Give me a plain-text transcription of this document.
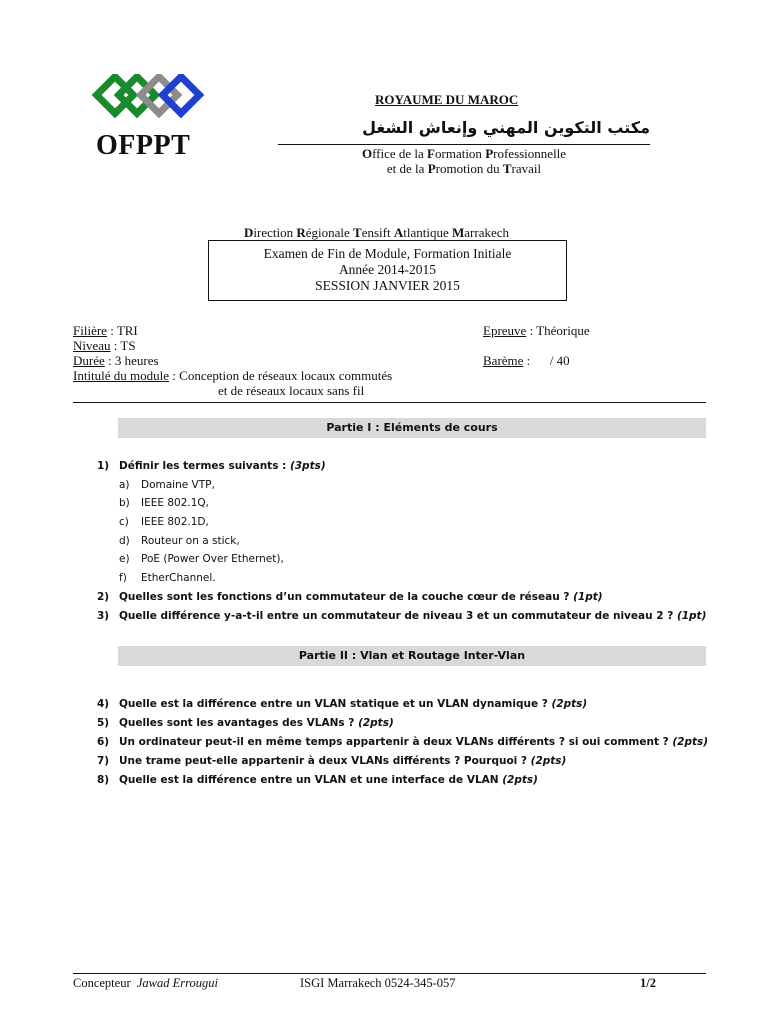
OFPPT
ROYAUME DU MAROC
مكتب التكوين المهني وإنعاش الشغل
Office de la Formation Professionnelle
et de la Promotion du Travail
Direction Régionale Tensift Atlantique Marrakech
Examen de Fin de Module, Formation Initiale
Année 2014-2015
SESSION JANVIER 2015
Filière : TRI
Niveau : TS
Durée : 3 heures
Intitulé du module : Conception de réseaux locaux commutés
et de réseaux locaux sans fil
Epreuve : Théorique
Barème :      / 40
Partie I : Eléments de cours
1) Définir les termes suivants : (3pts)
a) Domaine VTP,
b) IEEE 802.1Q,
c) IEEE 802.1D,
d) Routeur on a stick,
e) PoE (Power Over Ethernet),
f) EtherChannel.
2) Quelles sont les fonctions d’un commutateur de la couche cœur de réseau ? (1pt)
3) Quelle différence y-a-t-il entre un commutateur de niveau 3 et un commutateur de niveau 2 ? (1pt)
Partie II : Vlan et Routage Inter-Vlan
4) Quelle est la différence entre un VLAN statique et un VLAN dynamique ? (2pts)
5) Quelles sont les avantages des VLANs ? (2pts)
6) Un ordinateur peut-il en même temps appartenir à deux VLANs différents ? si oui comment ? (2pts)
7) Une trame peut-elle appartenir à deux VLANs différents ? Pourquoi ? (2pts)
8) Quelle est la différence entre un VLAN et une interface de VLAN (2pts)
Concepteur Jawad Errougui	ISGI Marrakech 0524-345-057	1/2
